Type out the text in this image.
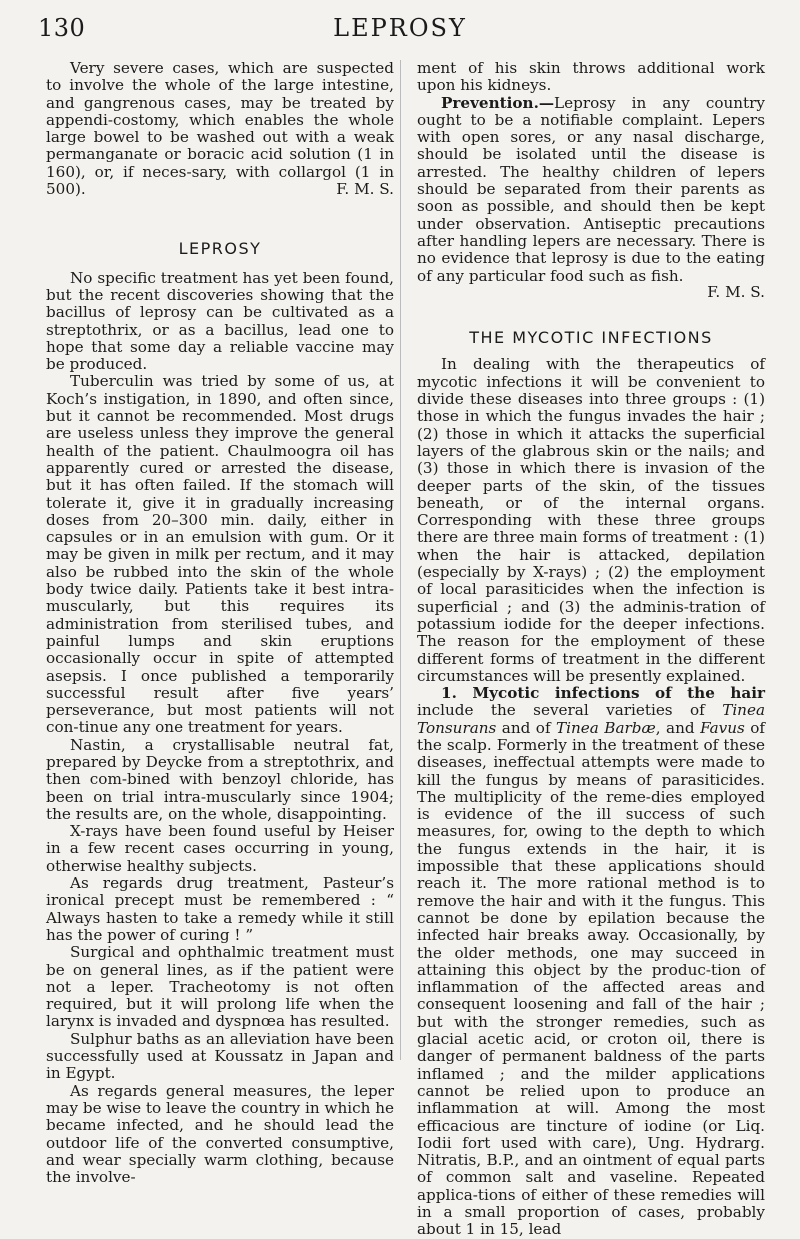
130	LEPROSY

Very severe cases, which are suspected to involve the whole of the large intestine, and gangrenous cases, may be treated by appendi-costomy, which enables the whole large bowel to be washed out with a weak permanganate or boracic acid solution (1 in 160), or, if neces-sary, with collargol (1 in 500).	F. M. S.

LEPROSY

No specific treatment has yet been found, but the recent discoveries showing that the bacillus of leprosy can be cultivated as a streptothrix, or as a bacillus, lead one to hope that some day a reliable vaccine may be produced.

Tuberculin was tried by some of us, at Koch’s instigation, in 1890, and often since, but it cannot be recommended. Most drugs are useless unless they improve the general health of the patient. Chaulmoogra oil has apparently cured or arrested the disease, but it has often failed. If the stomach will tolerate it, give it in gradually increasing doses from 20–300 min. daily, either in capsules or in an emulsion with gum. Or it may be given in milk per rectum, and it may also be rubbed into the skin of the whole body twice daily. Patients take it best intra-muscularly, but this requires its administration from sterilised tubes, and painful lumps and skin eruptions occasionally occur in spite of attempted asepsis. I once published a temporarily successful result after five years’ perseverance, but most patients will not con-tinue any one treatment for years.

Nastin, a crystallisable neutral fat, prepared by Deycke from a streptothrix, and then com-bined with benzoyl chloride, has been on trial intra-muscularly since 1904; the results are, on the whole, disappointing.

X-rays have been found useful by Heiser in a few recent cases occurring in young, otherwise healthy subjects.

As regards drug treatment, Pasteur’s ironical precept must be remembered : “ Always hasten to take a remedy while it still has the power of curing ! ”

Surgical and ophthalmic treatment must be on general lines, as if the patient were not a leper. Tracheotomy is not often required, but it will prolong life when the larynx is invaded and dyspnœa has resulted.

Sulphur baths as an alleviation have been successfully used at Koussatz in Japan and in Egypt.

As regards general measures, the leper may be wise to leave the country in which he became infected, and he should lead the outdoor life of the converted consumptive, and wear specially warm clothing, because the involve-

ment of his skin throws additional work upon his kidneys.

Prevention.—Leprosy in any country ought to be a notifiable complaint. Lepers with open sores, or any nasal discharge, should be isolated until the disease is arrested. The healthy children of lepers should be separated from their parents as soon as possible, and should then be kept under observation. Antiseptic precautions after handling lepers are necessary. There is no evidence that leprosy is due to the eating of any particular food such as fish.

F. M. S.
THE MYCOTIC INFECTIONS

In dealing with the therapeutics of mycotic infections it will be convenient to divide these diseases into three groups : (1) those in which the fungus invades the hair ; (2) those in which it attacks the superficial layers of the glabrous skin or the nails; and (3) those in which there is invasion of the deeper parts of the skin, of the tissues beneath, or of the internal organs. Corresponding with these three groups there are three main forms of treatment : (1) when the hair is attacked, depilation (especially by X-rays) ; (2) the employment of local parasiticides when the infection is superficial ; and (3) the adminis-tration of potassium iodide for the deeper infections. The reason for the employment of these different forms of treatment in the different circumstances will be presently explained.

1. Mycotic infections of the hair include the several varieties of Tinea Tonsurans and of Tinea Barbæ, and Favus of the scalp. Formerly in the treatment of these diseases, ineffectual attempts were made to kill the fungus by means of parasiticides. The multiplicity of the reme-dies employed is evidence of the ill success of such measures, for, owing to the depth to which the fungus extends in the hair, it is impossible that these applications should reach it. The more rational method is to remove the hair and with it the fungus. This cannot be done by epilation because the infected hair breaks away. Occasionally, by the older methods, one may succeed in attaining this object by the produc-tion of inflammation of the affected areas and consequent loosening and fall of the hair ; but with the stronger remedies, such as glacial acetic acid, or croton oil, there is danger of permanent baldness of the parts inflamed ; and the milder applications cannot be relied upon to produce an inflammation at will. Among the most efficacious are tincture of iodine (or Liq. Iodii fort used with care), Ung. Hydrarg. Nitratis, B.P., and an ointment of equal parts of common salt and vaseline. Repeated applica-tions of either of these remedies will in a small proportion of cases, probably about 1 in 15, lead
